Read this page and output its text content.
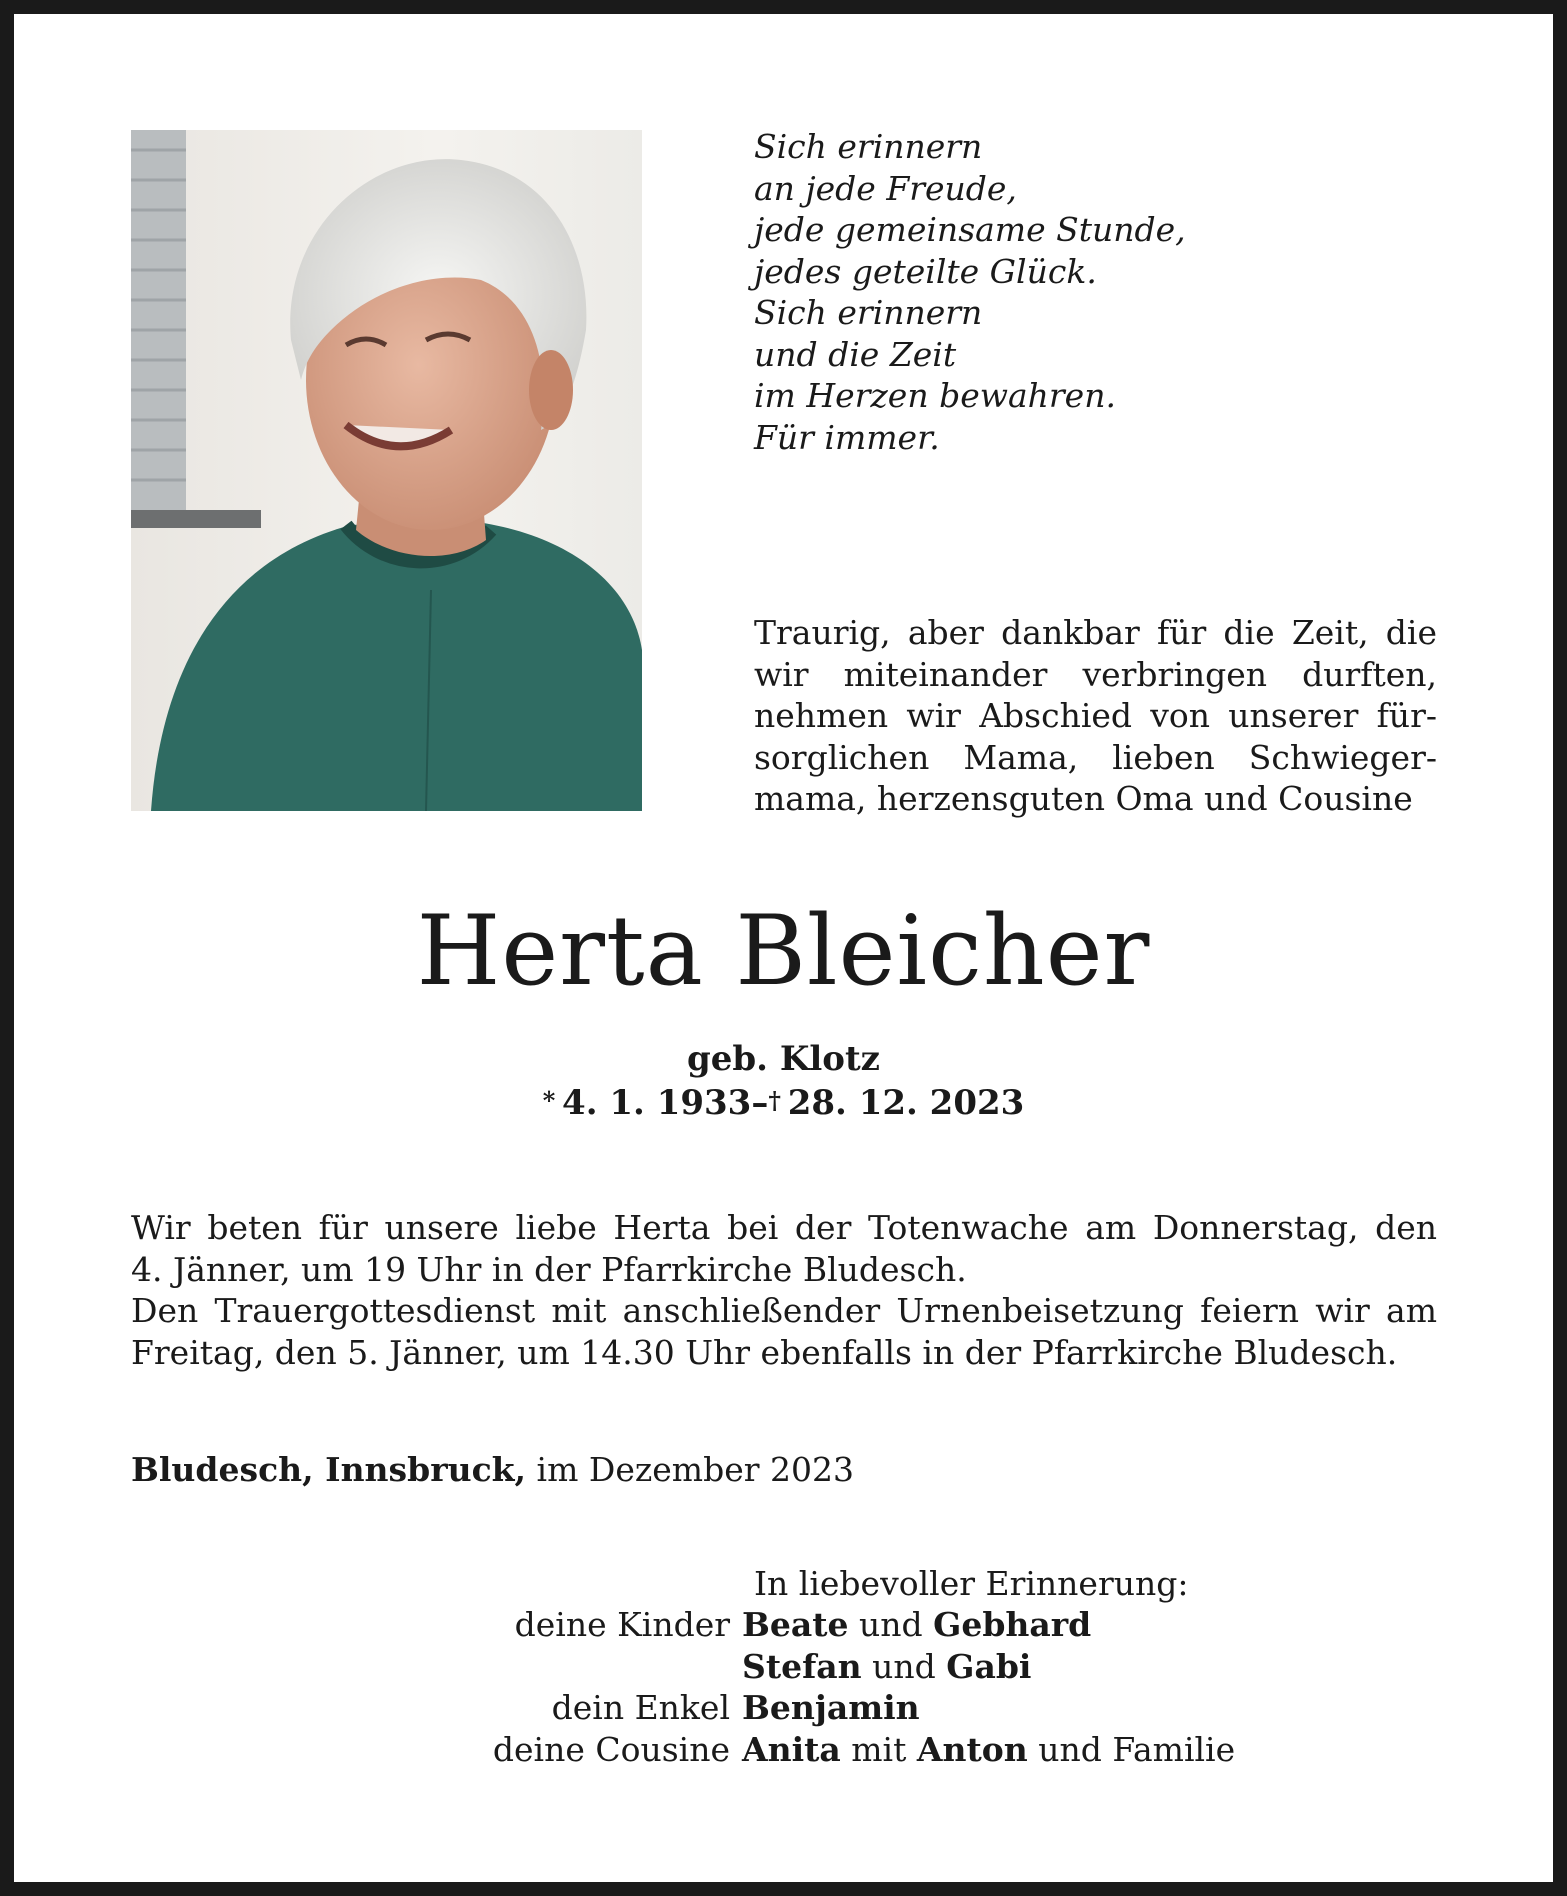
Sich erinnern
an jede Freude,
jede gemeinsame Stunde,
jedes geteilte Glück.
Sich erinnern
und die Zeit
im Herzen bewahren.
Für immer.
Traurig, aber dankbar für die Zeit, die
wir miteinander verbringen durften,
nehmen wir Abschied von unserer für-
sorglichen Mama, lieben Schwieger-
mama, herzensguten Oma und Cousine
Herta Bleicher
geb. Klotz
*  4. 1. 1933–†  28. 12. 2023
Wir beten für unsere liebe Herta bei der Totenwache am Donnerstag, den
4. Jänner, um 19 Uhr in der Pfarrkirche Bludesch.
Den Trauergottesdienst mit anschließender Urnenbeisetzung feiern wir am
Freitag, den 5. Jänner, um 14.30 Uhr ebenfalls in der Pfarrkirche Bludesch.
Bludesch, Innsbruck, im Dezember 2023
In liebevoller Erinnerung:
deine Kinder Beate und Gebhard
Stefan und Gabi
dein Enkel Benjamin
deine Cousine Anita mit Anton und Familie
